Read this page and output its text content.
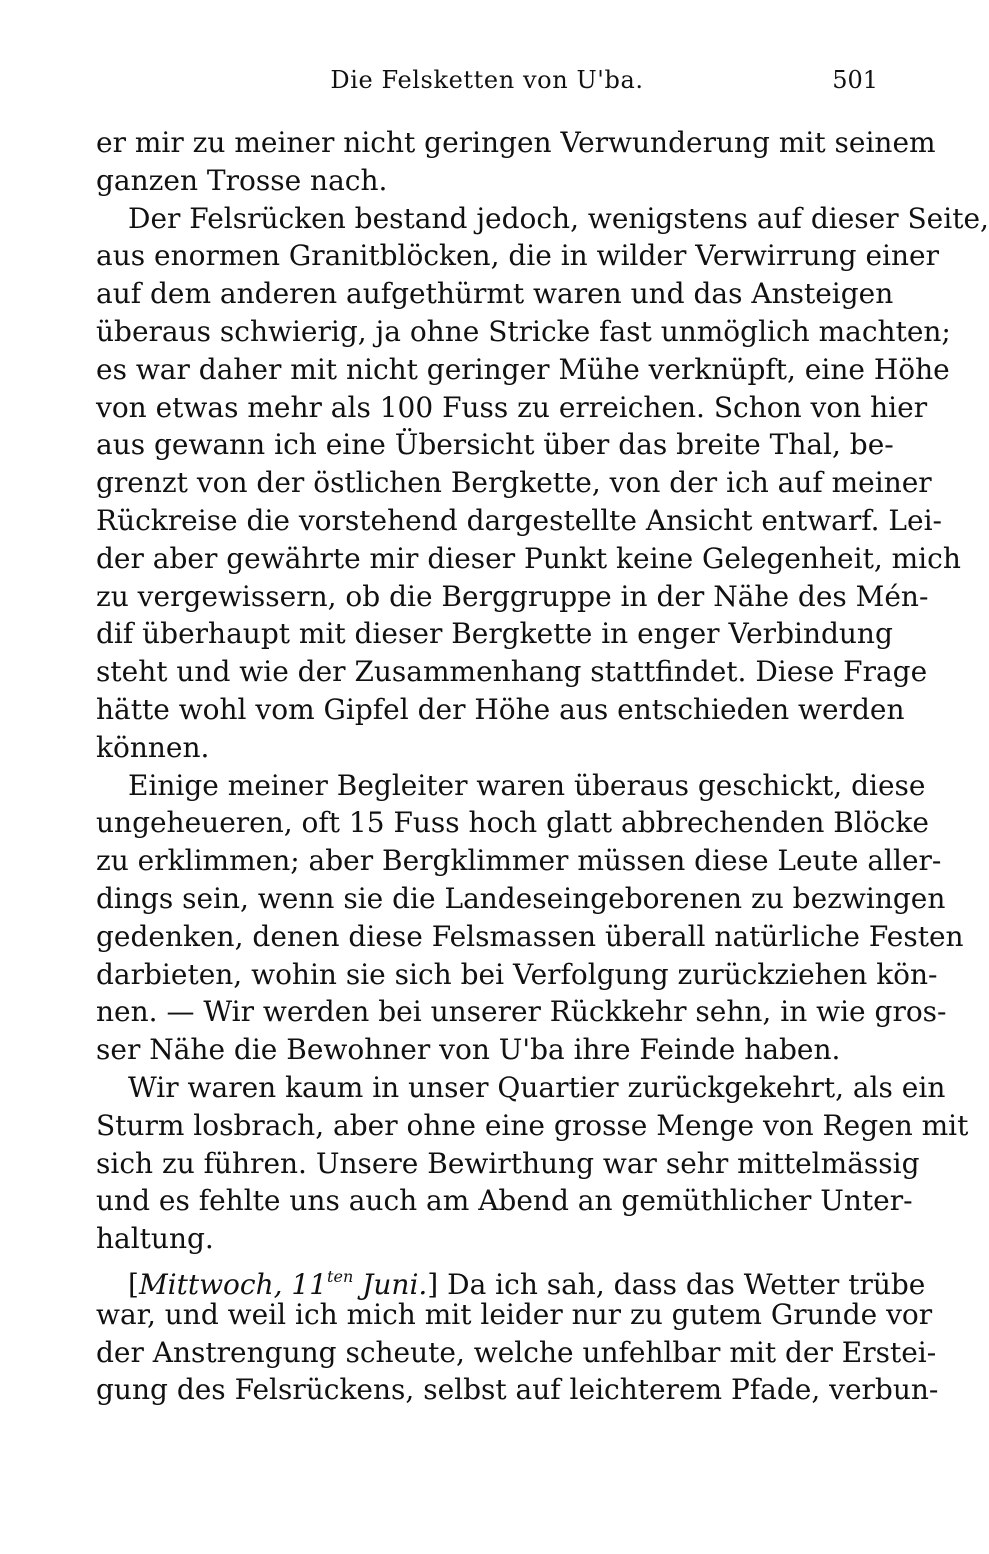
Die Felsketten von U'ba.	501

er mir zu meiner nicht geringen Verwunderung mit seinem
ganzen Trosse nach.

Der Felsrücken bestand jedoch, wenigstens auf dieser Seite,
aus enormen Granitblöcken, die in wilder Verwirrung einer
auf dem anderen aufgethürmt waren und das Ansteigen
überaus schwierig, ja ohne Stricke fast unmöglich machten;
es war daher mit nicht geringer Mühe verknüpft, eine Höhe
von etwas mehr als 100 Fuss zu erreichen. Schon von hier
aus gewann ich eine Übersicht über das breite Thal, be-
grenzt von der östlichen Bergkette, von der ich auf meiner
Rückreise die vorstehend dargestellte Ansicht entwarf. Lei-
der aber gewährte mir dieser Punkt keine Gelegenheit, mich
zu vergewissern, ob die Berggruppe in der Nähe des Mén-
dif überhaupt mit dieser Bergkette in enger Verbindung
steht und wie der Zusammenhang stattfindet. Diese Frage
hätte wohl vom Gipfel der Höhe aus entschieden werden
können.

Einige meiner Begleiter waren überaus geschickt, diese
ungeheueren, oft 15 Fuss hoch glatt abbrechenden Blöcke
zu erklimmen; aber Bergklimmer müssen diese Leute aller-
dings sein, wenn sie die Landeseingeborenen zu bezwingen
gedenken, denen diese Felsmassen überall natürliche Festen
darbieten, wohin sie sich bei Verfolgung zurückziehen kön-
nen. — Wir werden bei unserer Rückkehr sehn, in wie gros-
ser Nähe die Bewohner von U'ba ihre Feinde haben.

Wir waren kaum in unser Quartier zurückgekehrt, als ein
Sturm losbrach, aber ohne eine grosse Menge von Regen mit
sich zu führen. Unsere Bewirthung war sehr mittelmässig
und es fehlte uns auch am Abend an gemüthlicher Unter-
haltung.

[Mittwoch, $11^{ten}$ Juni.] Da ich sah, dass das Wetter trübe
war, und weil ich mich mit leider nur zu gutem Grunde vor
der Anstrengung scheute, welche unfehlbar mit der Erstei-
gung des Felsrückens, selbst auf leichterem Pfade, verbun-
